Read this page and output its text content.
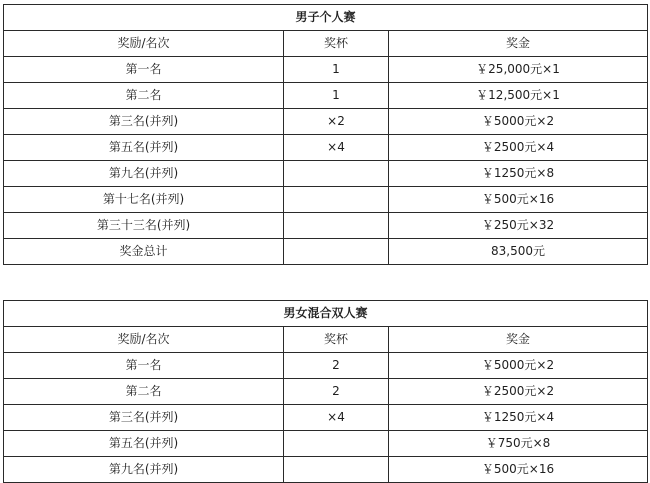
男子个人赛		
奖励/名次	奖杯	奖金
第一名	1	￥25,000元×1
第二名	1	￥12,500元×1
第三名(并列)	×2	￥5000元×2
第五名(并列)	×4	￥2500元×4
第九名(并列)		￥1250元×8
第十七名(并列)		￥500元×16
第三十三名(并列)		￥250元×32
奖金总计		83,500元
男女混合双人赛		
奖励/名次	奖杯	奖金
第一名	2	￥5000元×2
第二名	2	￥2500元×2
第三名(并列)	×4	￥1250元×4
第五名(并列)		￥750元×8
第九名(并列)		￥500元×16
